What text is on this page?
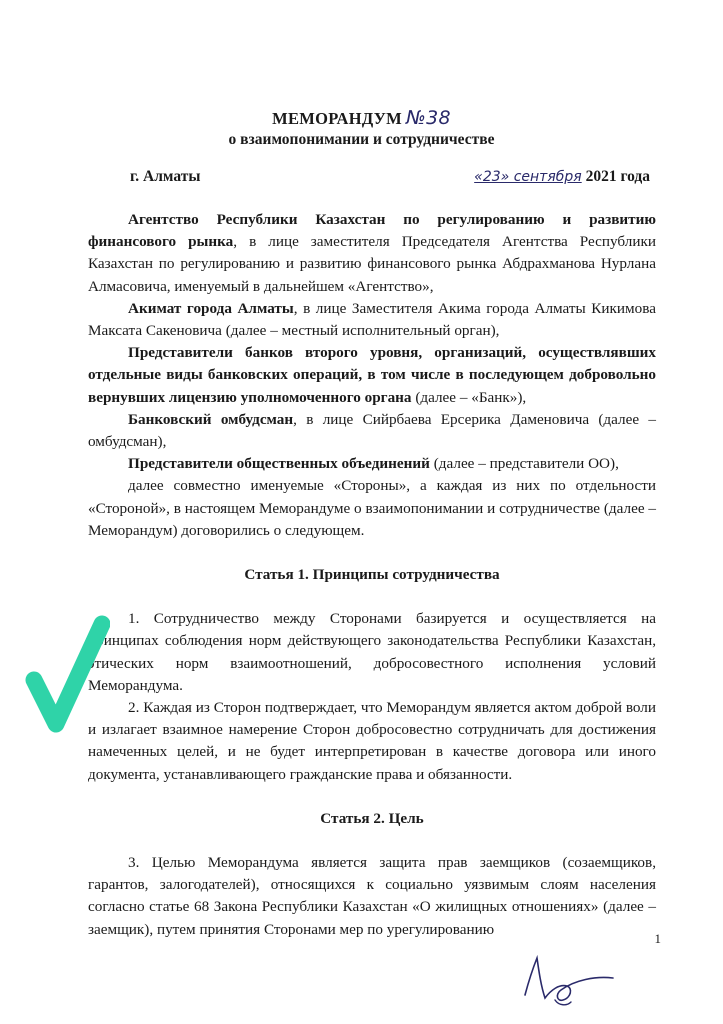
МЕМОРАНДУМ №38
о взаимопонимании и сотрудничестве
г. Алматы	«23» сентября 2021 года

Агентство Республики Казахстан по регулированию и развитию финансового рынка, в лице заместителя Председателя Агентства Республики Казахстан по регулированию и развитию финансового рынка Абдрахманова Нурлана Алмасовича, именуемый в дальнейшем «Агентство»,

Акимат города Алматы, в лице Заместителя Акима города Алматы Кикимова Максата Сакеновича (далее – местный исполнительный орган),

Представители банков второго уровня, организаций, осуществлявших отдельные виды банковских операций, в том числе в последующем добровольно вернувших лицензию уполномоченного органа (далее – «Банк»),

Банковский омбудсман, в лице Сийрбаева Ерсерика Даменовича (далее – омбудсман),

Представители общественных объединений (далее – представители ОО),

далее совместно именуемые «Стороны», а каждая из них по отдельности «Стороной», в настоящем Меморандуме о взаимопонимании и сотрудничестве (далее – Меморандум) договорились о следующем.

Статья 1. Принципы сотрудничества

1. Сотрудничество между Сторонами базируется и осуществляется на принципах соблюдения норм действующего законодательства Республики Казахстан, этических норм взаимоотношений, добросовестного исполнения условий Меморандума.

2. Каждая из Сторон подтверждает, что Меморандум является актом доброй воли и излагает взаимное намерение Сторон добросовестно сотрудничать для достижения намеченных целей, и не будет интерпретирован в качестве договора или иного документа, устанавливающего гражданские права и обязанности.

Статья 2. Цель

3. Целью Меморандума является защита прав заемщиков (созаемщиков, гарантов, залогодателей), относящихся к социально уязвимым слоям населения согласно статье 68 Закона Республики Казахстан «О жилищных отношениях» (далее – заемщик), путем принятия Сторонами мер по урегулированию

1
